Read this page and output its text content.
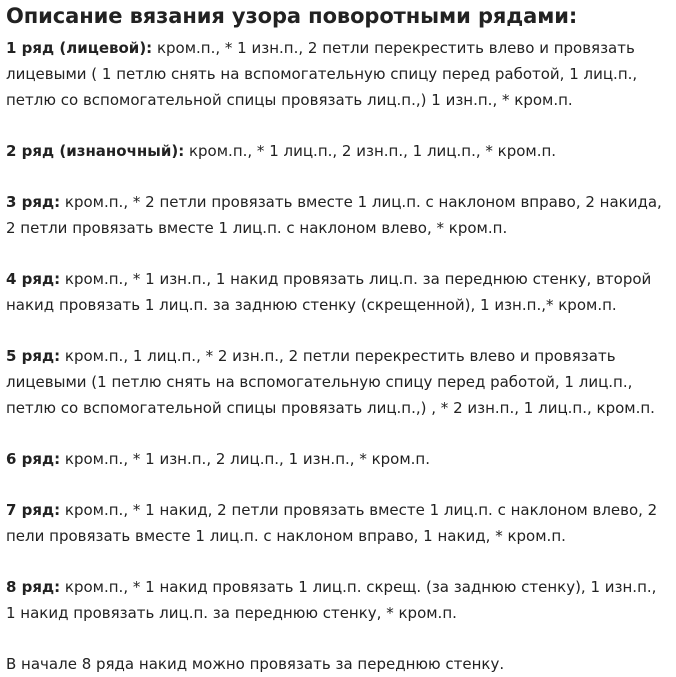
Описание вязания узора поворотными рядами:

1 ряд (лицевой): кром.п., * 1 изн.п., 2 петли перекрестить влево и провязать лицевыми ( 1 петлю снять на вспомогательную спицу перед работой, 1 лиц.п., петлю со вспомогательной спицы провязать лиц.п.,) 1 изн.п., * кром.п.

2 ряд (изнаночный): кром.п., * 1 лиц.п., 2 изн.п., 1 лиц.п., * кром.п.

3 ряд: кром.п., * 2 петли провязать вместе 1 лиц.п. с наклоном вправо, 2 накида, 2 петли провязать вместе 1 лиц.п. с наклоном влево, * кром.п.

4 ряд: кром.п., * 1 изн.п., 1 накид провязать лиц.п. за переднюю стенку, второй накид провязать 1 лиц.п. за заднюю стенку (скрещенной), 1 изн.п.,* кром.п.

5 ряд: кром.п., 1 лиц.п., * 2 изн.п., 2 петли перекрестить влево и провязать лицевыми (1 петлю снять на вспомогательную спицу перед работой, 1 лиц.п., петлю со вспомогательной спицы провязать лиц.п.,) , * 2 изн.п., 1 лиц.п., кром.п.

6 ряд: кром.п., * 1 изн.п., 2 лиц.п., 1 изн.п., * кром.п.

7 ряд: кром.п., * 1 накид, 2 петли провязать вместе 1 лиц.п. с наклоном влево, 2 пели провязать вместе 1 лиц.п. с наклоном вправо, 1 накид, * кром.п.

8 ряд: кром.п., * 1 накид провязать 1 лиц.п. скрещ. (за заднюю стенку), 1 изн.п., 1 накид провязать лиц.п. за переднюю стенку, * кром.п.

В начале 8 ряда накид можно провязать за переднюю стенку.
